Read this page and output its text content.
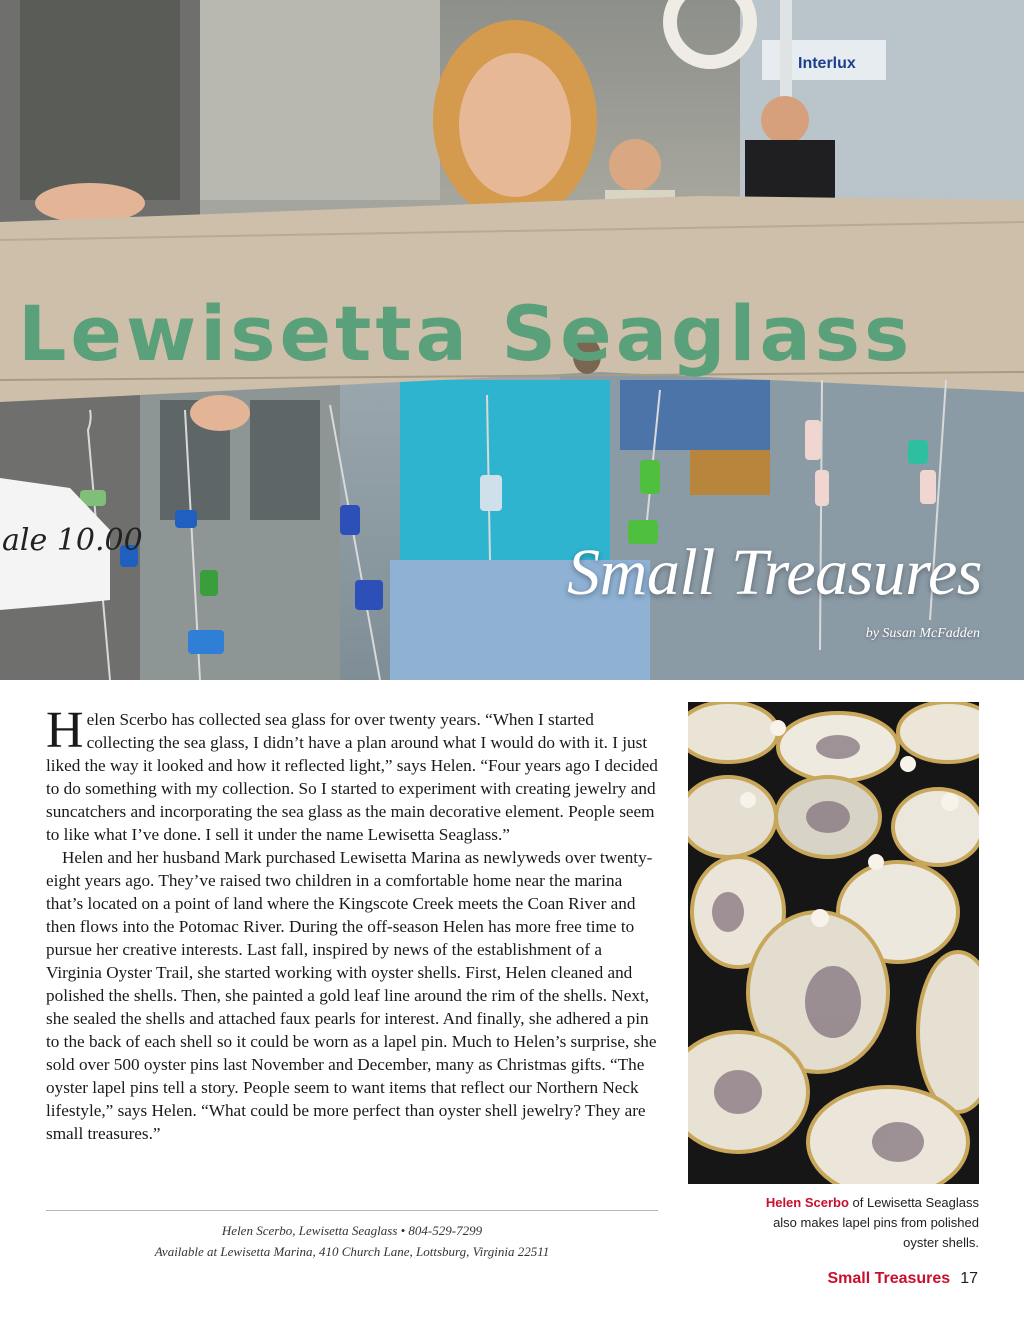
Interlux
Lewisetta Seaglass
ale 10.00	Small Treasures
by Susan McFadden

Helen Scerbo has collected sea glass for over twenty years. “When I started collecting the sea glass, I didn’t have a plan around what I would do with it. I just liked the way it looked and how it reflected light,” says Helen. “Four years ago I decided to do something with my collection. So I started to experiment with creating jewelry and suncatchers and incorporating the sea glass as the main decorative element. People seem to like what I’ve done. I sell it under the name Lewisetta Seaglass.”

Helen and her husband Mark purchased Lewisetta Marina as newlyweds over twenty-eight years ago. They’ve raised two children in a comfortable home near the marina that’s located on a point of land where the Kingscote Creek meets the Coan River and then flows into the Potomac River. During the off-season Helen has more free time to pursue her creative interests. Last fall, inspired by news of the establishment of a Virginia Oyster Trail, she started working with oyster shells. First, Helen cleaned and polished the shells. Then, she painted a gold leaf line around the rim of the shells. Next, she sealed the shells and attached faux pearls for interest. And finally, she adhered a pin to the back of each shell so it could be worn as a lapel pin. Much to Helen’s surprise, she sold over 500 oyster pins last November and December, many as Christmas gifts. “The oyster lapel pins tell a story. People seem to want items that reflect our Northern Neck lifestyle,” says Helen. “What could be more perfect than oyster shell jewelry? They are small treasures.”

Helen Scerbo, Lewisetta Seaglass • 804-529-7299
Available at Lewisetta Marina, 410 Church Lane, Lottsburg, Virginia 22511
Helen Scerbo of Lewisetta Seaglass also makes lapel pins from polished oyster shells.
Small Treasures 17
